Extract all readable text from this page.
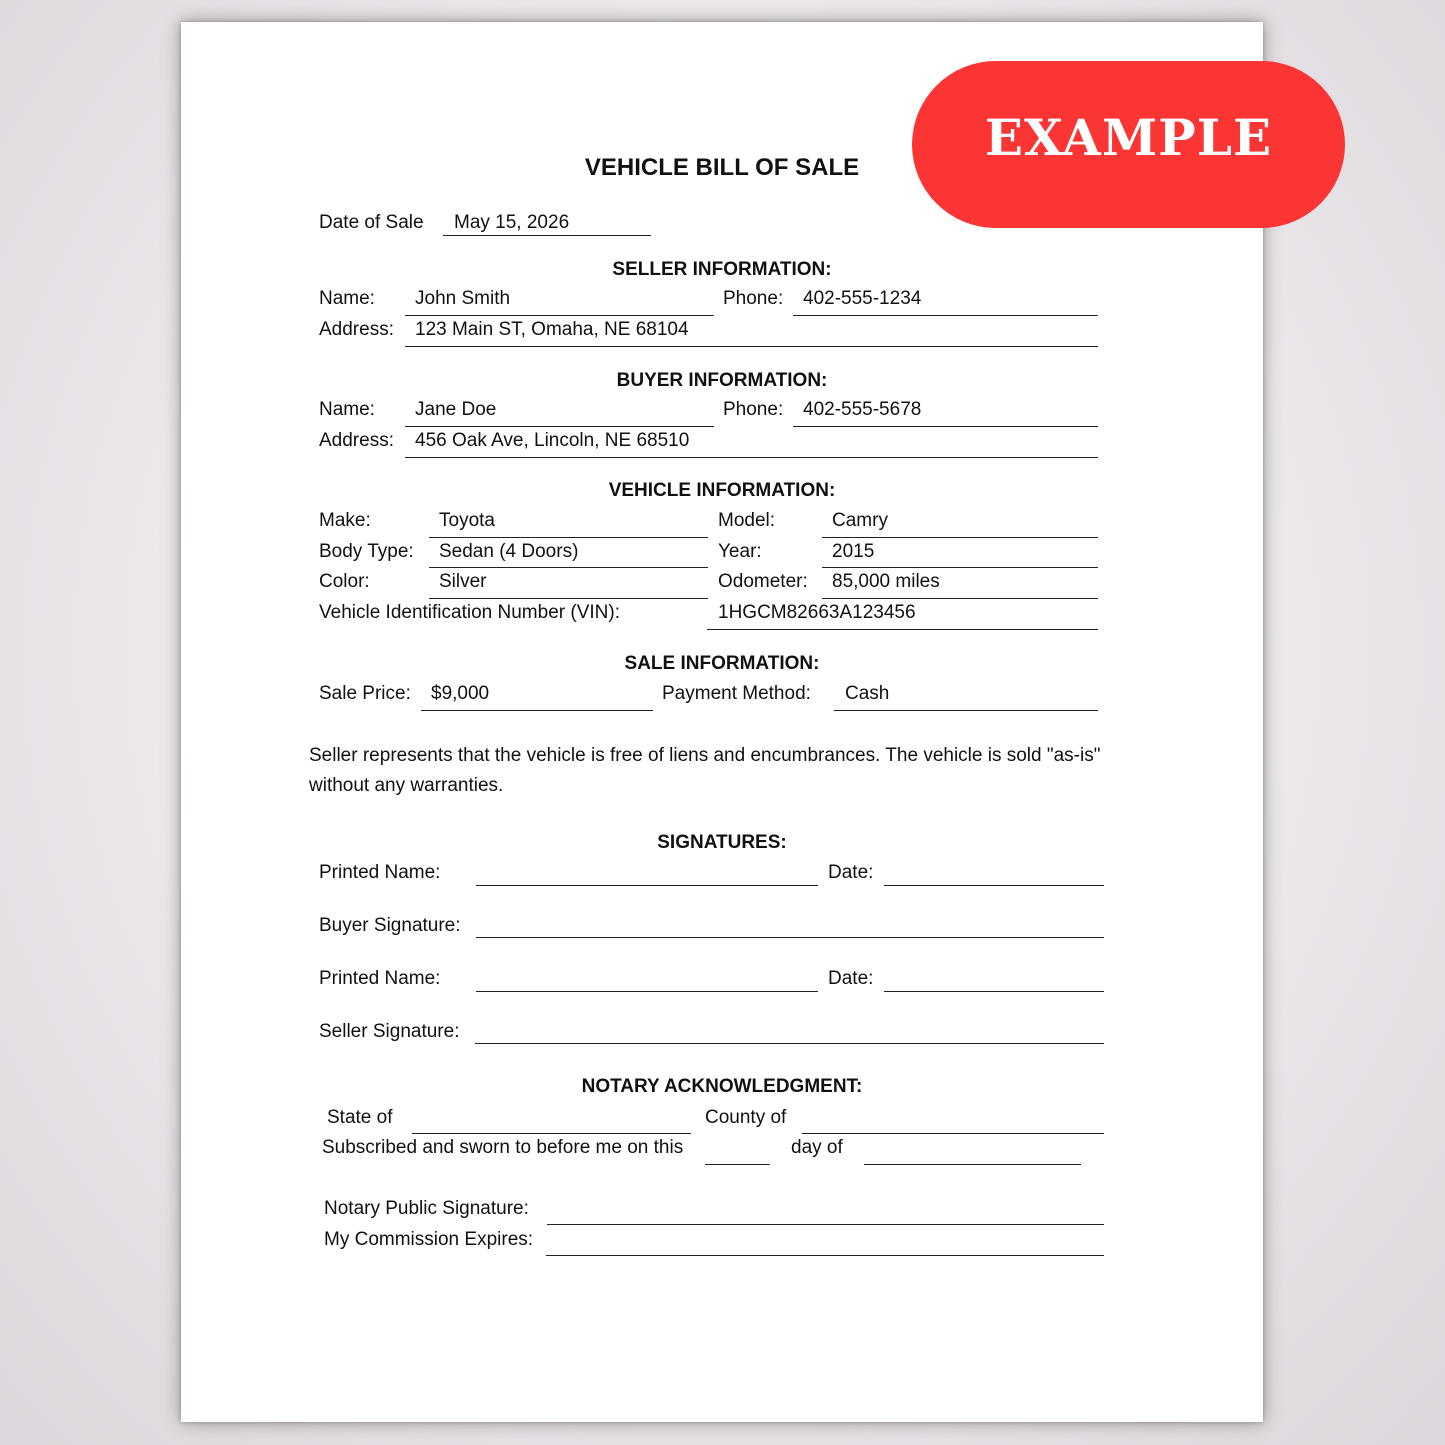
EXAMPLE
VEHICLE BILL OF SALE
Date of Sale May 15, 2026
SELLER INFORMATION:
Name: John Smith	Phone: 402-555-1234
Address: 123 Main ST, Omaha, NE 68104
BUYER INFORMATION:
Name: Jane Doe	Phone: 402-555-5678
Address: 456 Oak Ave, Lincoln, NE 68510
VEHICLE INFORMATION:
Make:	Toyota	Model:	Camry
Body Type: Sedan (4 Doors)	Year:	2015
Color:	Silver	Odometer: 85,000 miles
Vehicle Identification Number (VIN):	1HGCM82663A123456
SALE INFORMATION:
Sale Price: $9,000	Payment Method: Cash
Seller represents that the vehicle is free of liens and encumbrances. The vehicle is sold "as-is" without any warranties.
SIGNATURES:
Printed Name:	Date:
Buyer Signature:
Printed Name:	Date:
Seller Signature:
NOTARY ACKNOWLEDGMENT:
State of	County of
Subscribed and sworn to before me on this	day of
Notary Public Signature:
My Commission Expires:
